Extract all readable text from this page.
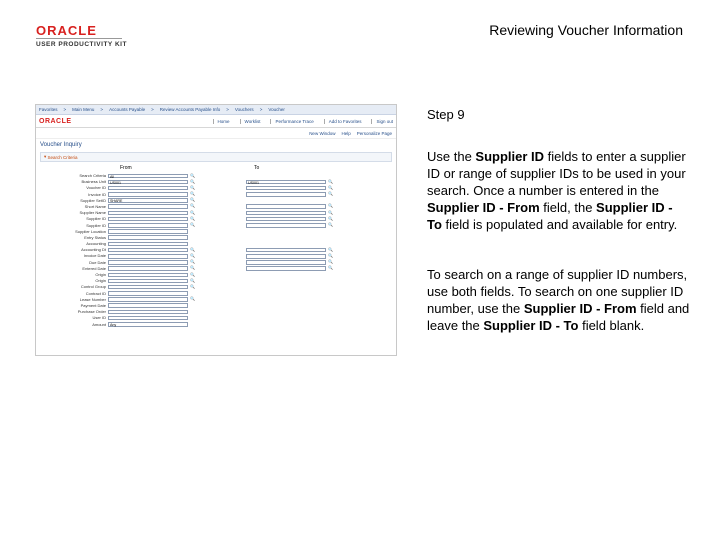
ORACLE
USER PRODUCTIVITY KIT
Reviewing Voucher Information
Favorites > Main Menu > Accounts Payable > Review Accounts Payable Info > Vouchers > Voucher
ORACLE	Home	Worklist	Performance Trace	Add to Favorites	Sign out
New Window Help Personalize Page
Voucher Inquiry
▾ Search Criteria
From	To
Search Criteria	All	🔍
Business Unit	US001	🔍	US001	🔍
Voucher ID	🔍	🔍
Invoice ID	🔍	🔍
Supplier SetID	SHARE	🔍
Short Name	🔍	🔍
Supplier Name	🔍	🔍
Supplier ID	🔍	🔍
Supplier ID	🔍	🔍
Supplier Location
Entry Status
Accounting
Accounting Dt	🔍	🔍
Invoice Date	🔍	🔍
Due Date	🔍	🔍
Entered Date	🔍	🔍
Origin	🔍
Origin	🔍
Control Group	🔍
Contract ID
Lease Number	🔍
Payment Date
Purchase Order
User ID
Amount	Any
Step 9
Use the Supplier ID fields to enter a supplier ID or range of supplier IDs to be used in your search. Once a number is entered in the Supplier ID - From field, the Supplier ID - To field is populated and available for entry.
To search on a range of supplier ID numbers, use both fields. To search on one supplier ID number, use the Supplier ID - From field and leave the Supplier ID - To field blank.
